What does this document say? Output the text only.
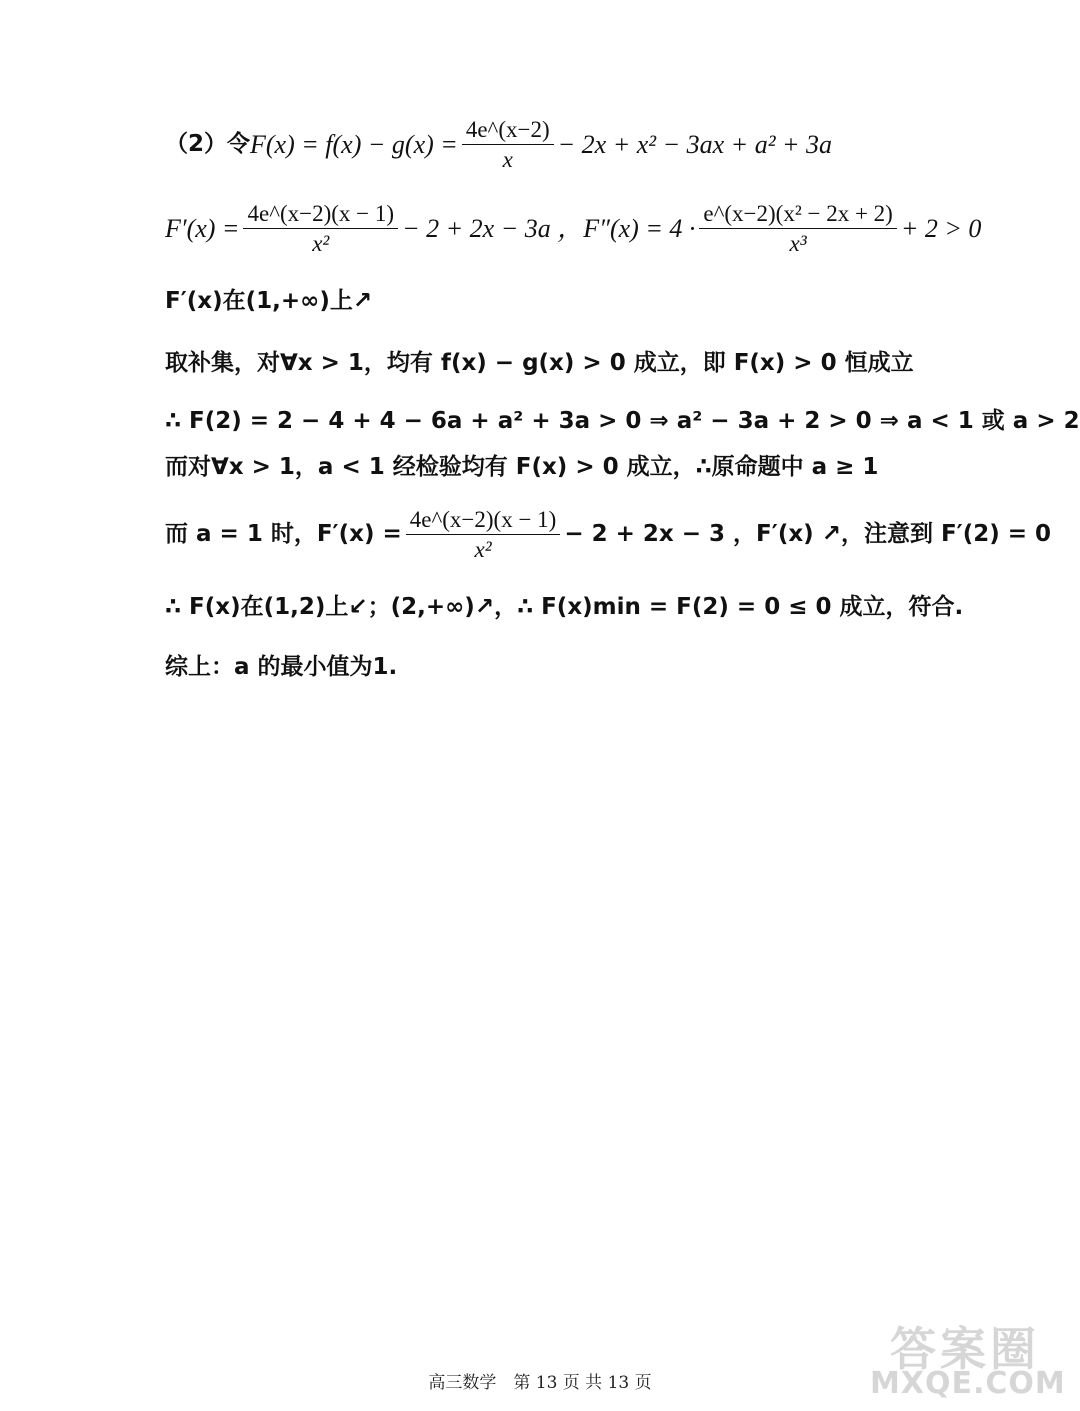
（2）令 $F(x) = f(x) - g(x) = \frac{4e\^{}(x-2)}{x} - 2x + x^2 - 3ax + a^2 + 3a$
$F'(x) = \frac{4e\^{}(x-2)(x - 1)}{\text{x²}} - 2 + 2x - 3a$ ，$F''(x) = 4 \cdot \frac{\text{e\textasciicircum{}(x−2)(x² − 2x + 2)}}{\text{x³}} + 2 > 0$
F′(x)在(1,+∞)上↗
取补集，对∀x > 1，均有 f(x) − g(x) > 0 成立，即 F(x) > 0 恒成立
∴ F(2) = 2 − 4 + 4 − 6a + a² + 3a > 0 ⇒ a² − 3a + 2 > 0 ⇒ a < 1 或 a > 2
而对∀x > 1，a < 1 经检验均有 F(x) > 0 成立，∴原命题中 a ≥ 1
而 a = 1 时，$F'(x) = \frac{4e\^{}(x-2)(x - 1)}{\text{x²}} - 2 + 2x - 3$ ，F′(x) ↗，注意到 F′(2) = 0
∴ F(x)在(1,2)上↙；(2,+∞)↗，∴ F(x)min = F(2) = 0 ≤ 0 成立，符合.
综上：a 的最小值为1.
高三数学　第 13 页 共 13 页
答案圈
MXQE.COM
